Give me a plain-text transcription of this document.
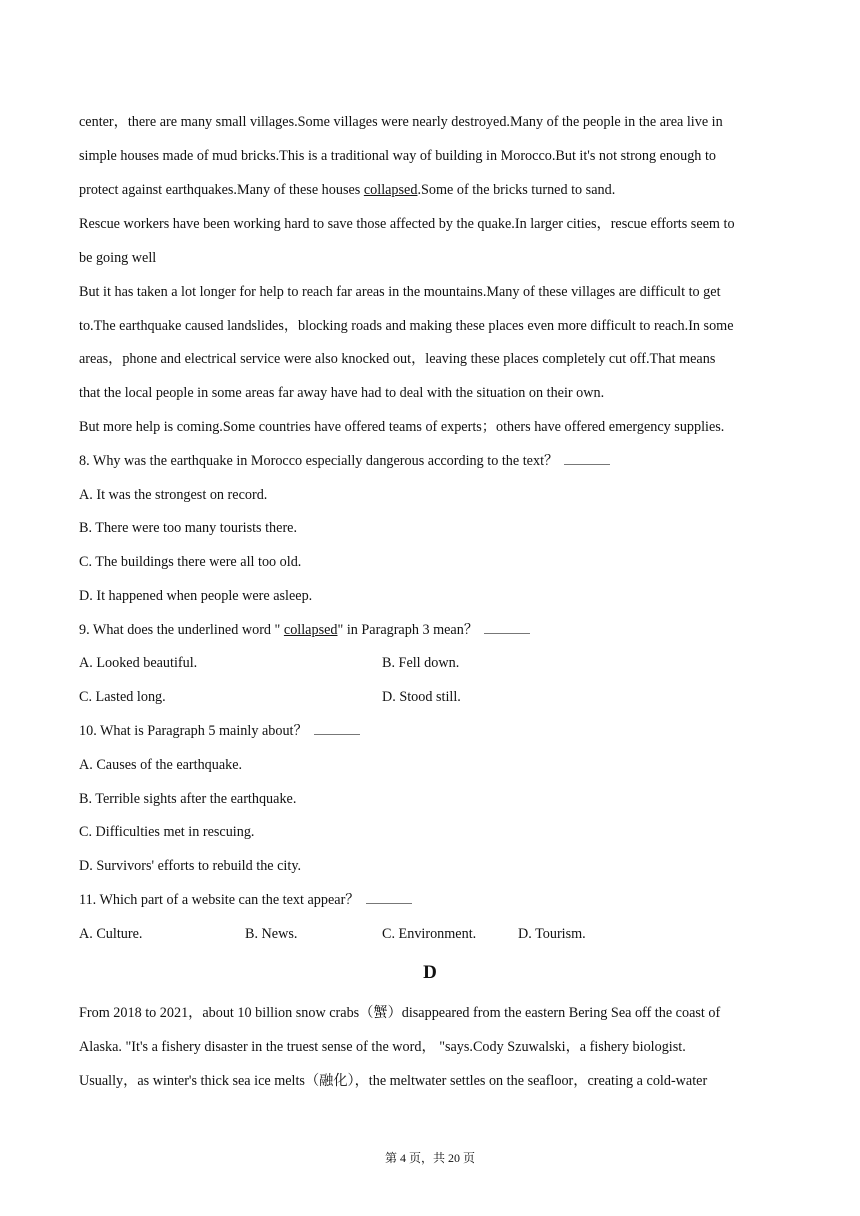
center，there are many small villages.Some villages were nearly destroyed.Many of the people in the area live in
simple houses made of mud bricks.This is a traditional way of building in Morocco.But it's not strong enough to
protect against earthquakes.Many of these houses collapsed.Some of the bricks turned to sand.
Rescue workers have been working hard to save those affected by the quake.In larger cities，rescue efforts seem to
be going well
But it has taken a lot longer for help to reach far areas in the mountains.Many of these villages are difficult to get
to.The earthquake caused landslides，blocking roads and making these places even more difficult to reach.In some
areas，phone and electrical service were also knocked out，leaving these places completely cut off.That means
that the local people in some areas far away have had to deal with the situation on their own.
But more help is coming.Some countries have offered teams of experts；others have offered emergency supplies.
8. Why was the earthquake in Morocco especially dangerous according to the text？
A. It was the strongest on record.
B. There were too many tourists there.
C. The buildings there were all too old.
D. It happened when people were asleep.
9. What does the underlined word " collapsed" in Paragraph 3 mean？
A. Looked beautiful.	B. Fell down.
C. Lasted long.	D. Stood still.
10. What is Paragraph 5 mainly about？
A. Causes of the earthquake.
B. Terrible sights after the earthquake.
C. Difficulties met in rescuing.
D. Survivors' efforts to rebuild the city.
11. Which part of a website can the text appear？
A. Culture.	B. News.	C. Environment.	D. Tourism.
D
From 2018 to 2021，about 10 billion snow crabs（蟹）disappeared from the eastern Bering Sea off the coast of
Alaska. "It's a fishery disaster in the truest sense of the word， "says.Cody Szuwalski，a fishery biologist.
Usually，as winter's thick sea ice melts（融化），the meltwater settles on the seafloor，creating a cold-water
第 4 页，共 20 页
